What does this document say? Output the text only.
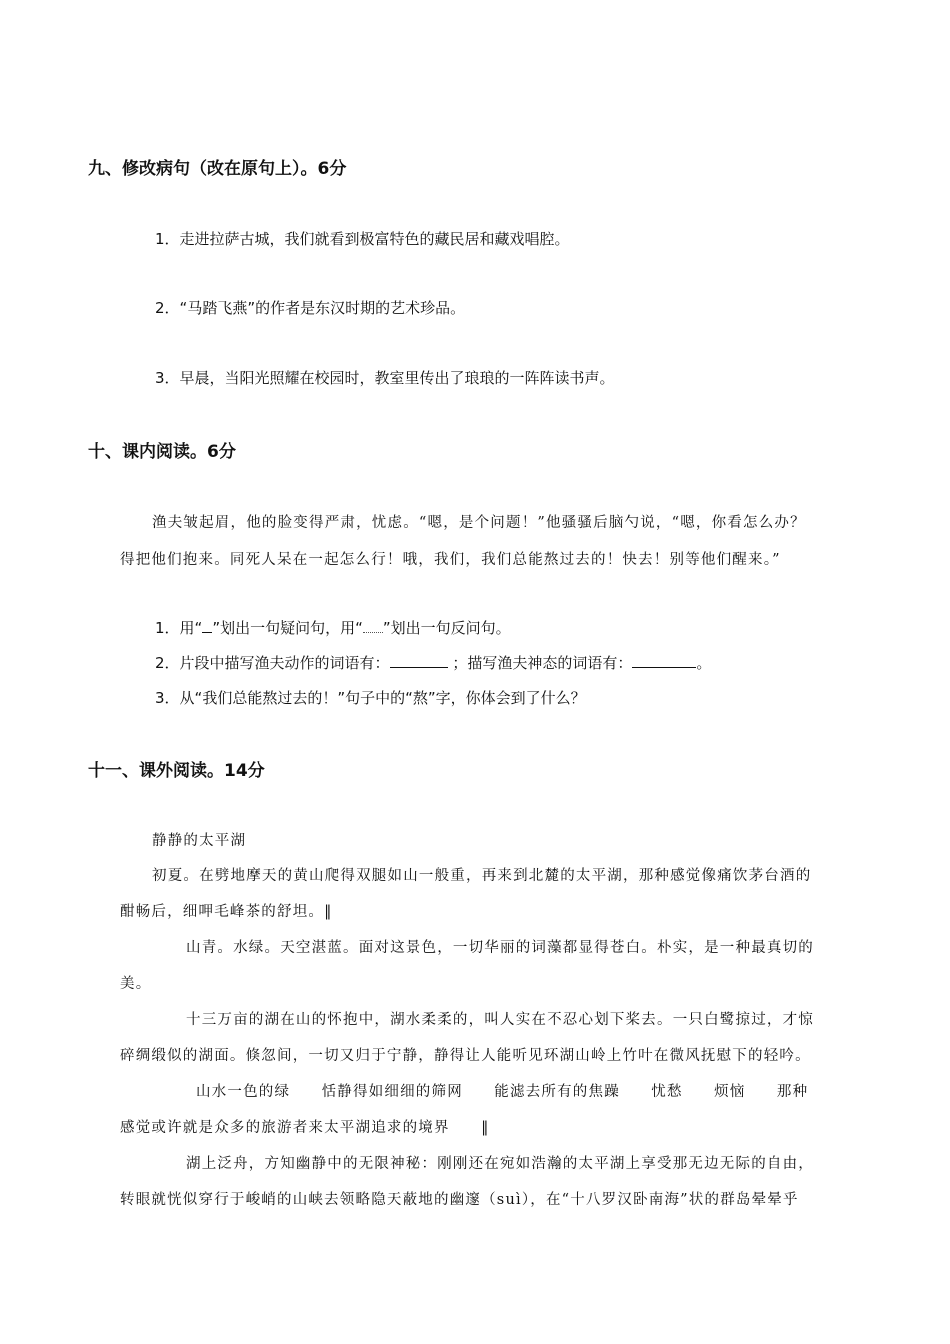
九、修改病句（改在原句上）。6分
1．走进拉萨古城，我们就看到极富特色的藏民居和藏戏唱腔。
2．“马踏飞燕”的作者是东汉时期的艺术珍品。
3．早晨，当阳光照耀在校园时，教室里传出了琅琅的一阵阵读书声。
十、课内阅读。6分
渔夫皱起眉，他的脸变得严肃，忧虑。“嗯，是个问题！”他骚骚后脑勺说，“嗯，你看怎么办？
得把他们抱来。同死人呆在一起怎么行！哦，我们，我们总能熬过去的！快去！别等他们醒来。”
1．用“ ”划出一句疑问句，用“ ”划出一句反问句。
2．片段中描写渔夫动作的词语有：	；描写渔夫神态的词语有：	。
3．从“我们总能熬过去的！”句子中的“熬”字，你体会到了什么？
十一、课外阅读。14分
静静的太平湖
初夏。在劈地摩天的黄山爬得双腿如山一般重，再来到北麓的太平湖，那种感觉像痛饮茅台酒的
酣畅后，细呷毛峰茶的舒坦。‖
山青。水绿。天空湛蓝。面对这景色，一切华丽的词藻都显得苍白。朴实，是一种最真切的
美。
十三万亩的湖在山的怀抱中，湖水柔柔的，叫人实在不忍心划下桨去。一只白鹭掠过，才惊
碎绸缎似的湖面。倏忽间，一切又归于宁静，静得让人能听见环湖山岭上竹叶在微风抚慰下的轻吟。
山水一色的绿　　恬静得如细细的筛网　　能滤去所有的焦躁　　忧愁　　烦恼　　那种
感觉或许就是众多的旅游者来太平湖追求的境界　　‖
湖上泛舟，方知幽静中的无限神秘：刚刚还在宛如浩瀚的太平湖上享受那无边无际的自由，
转眼就恍似穿行于峻峭的山峡去领略隐天蔽地的幽邃（suì），在“十八罗汉卧南海”状的群岛晕晕乎
